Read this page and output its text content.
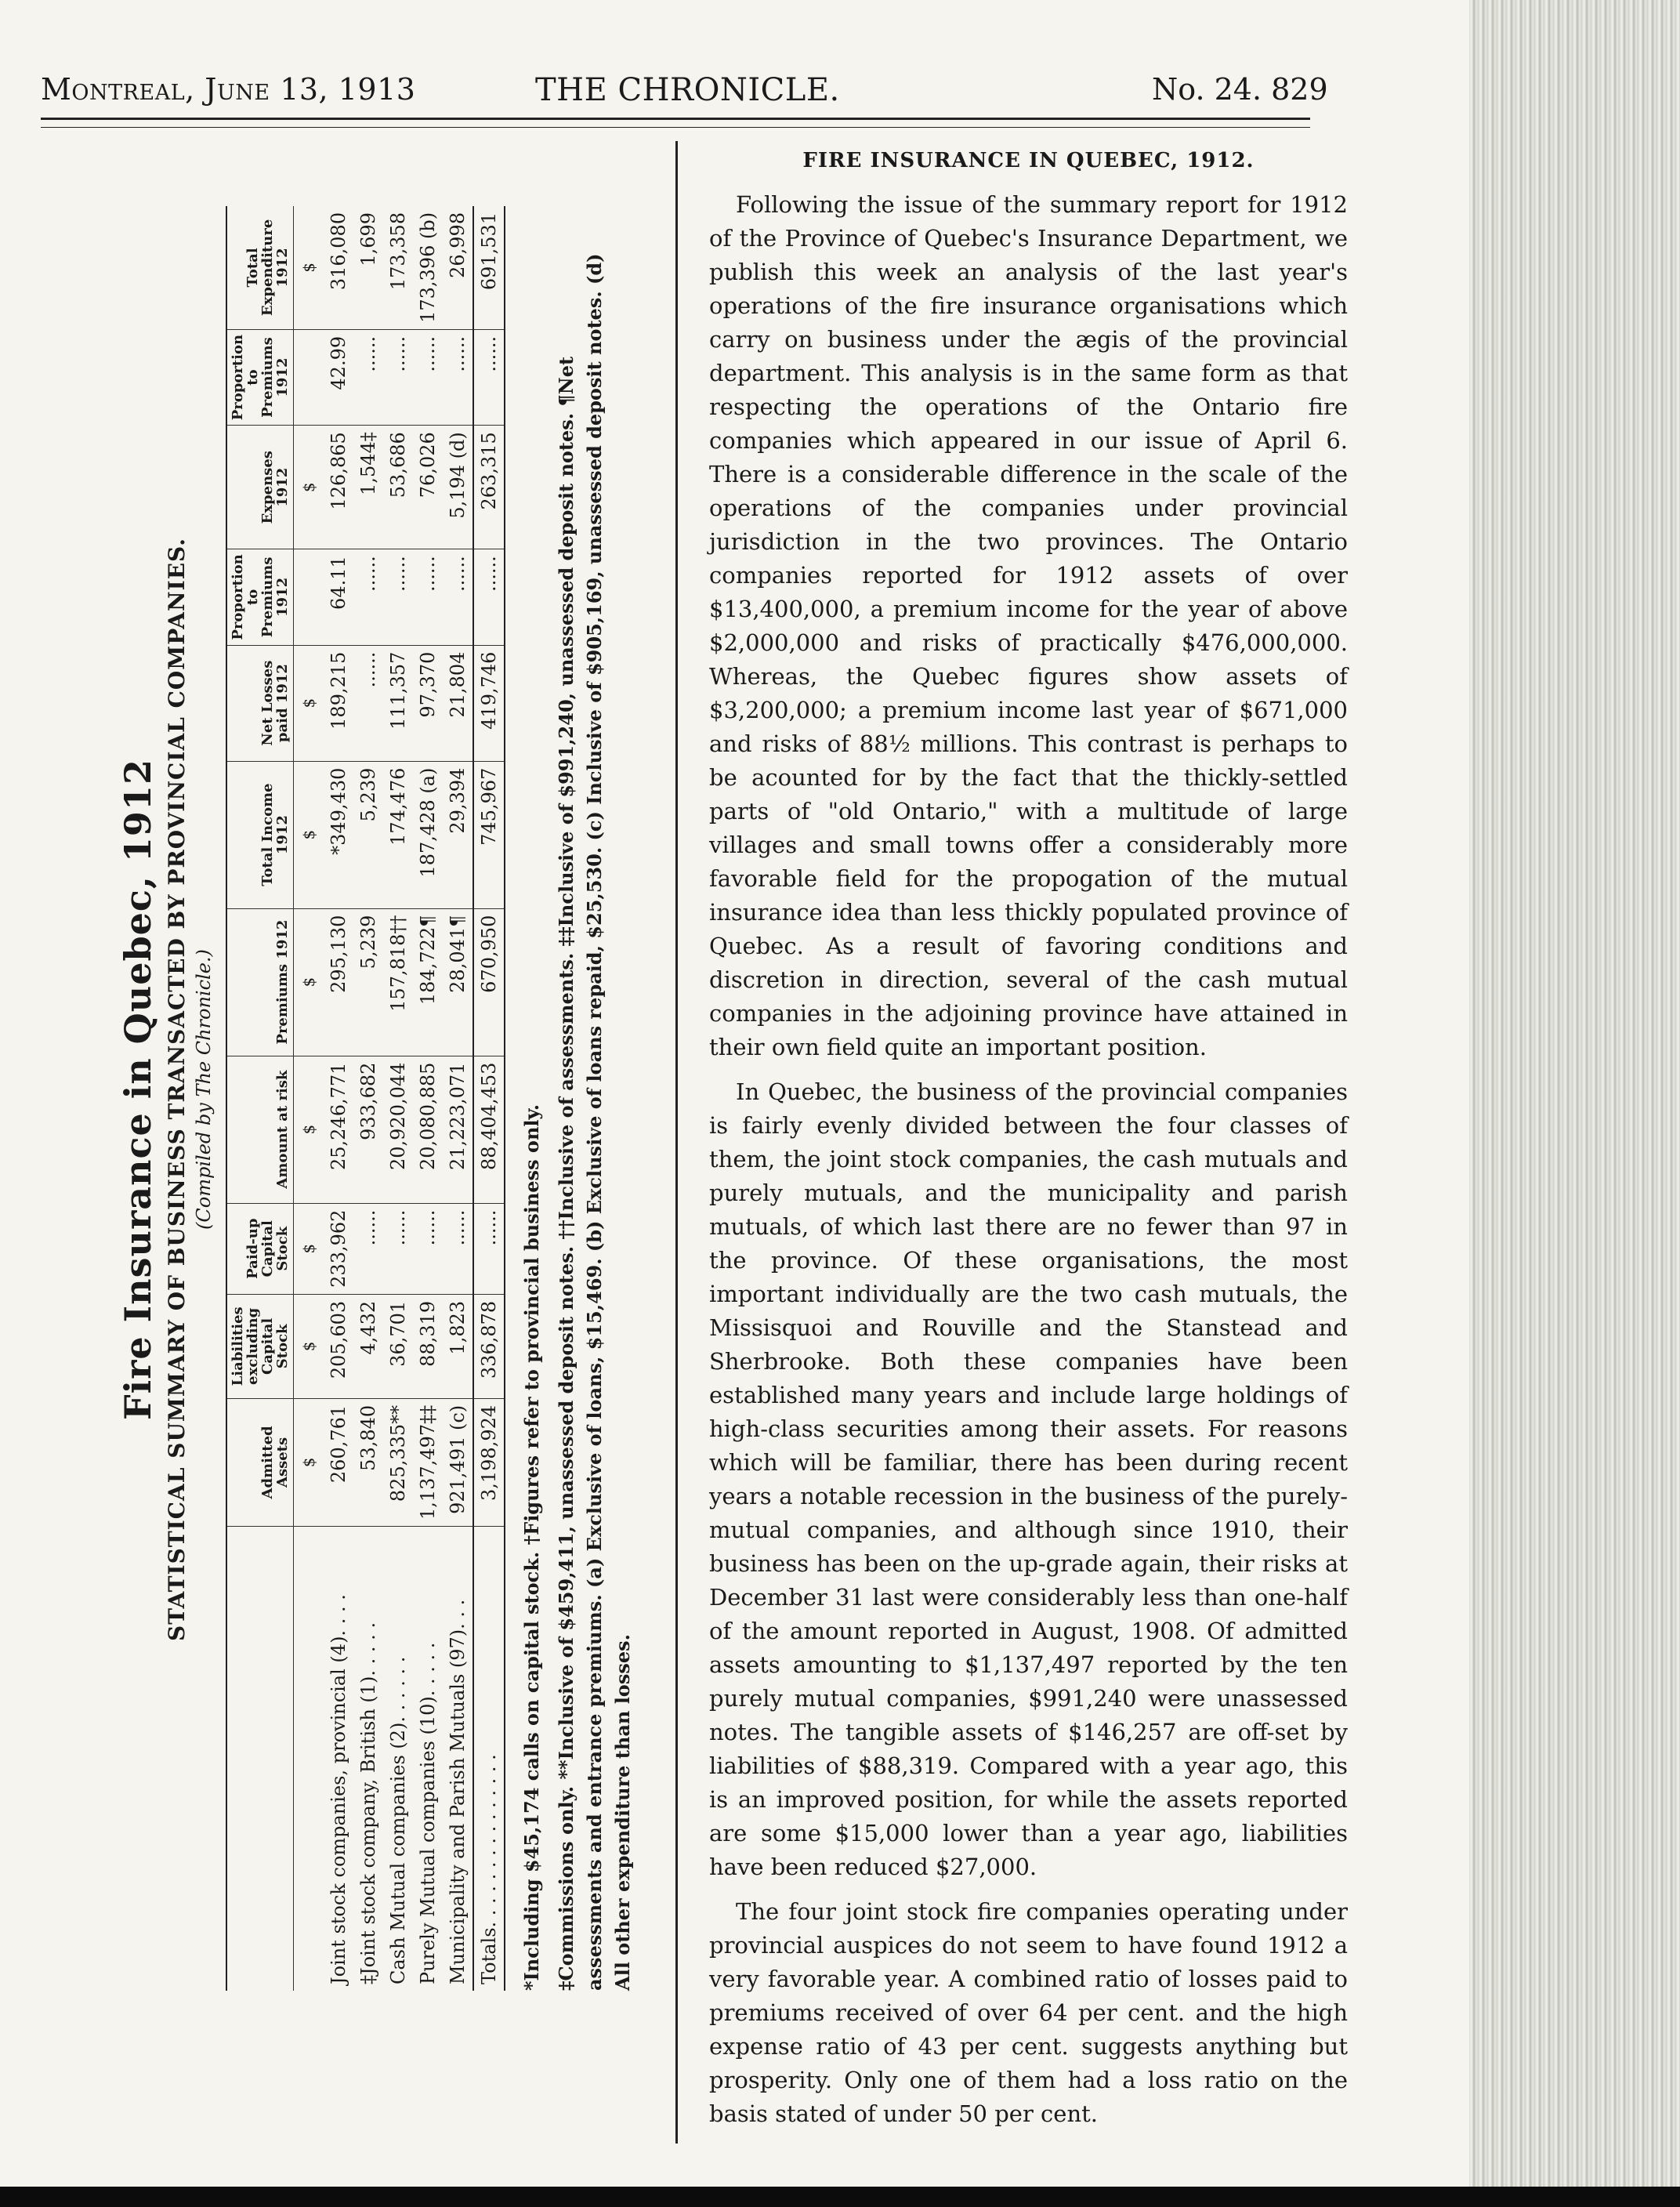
Montreal, June 13, 1913	THE CHRONICLE.	No. 24. 829
Fire Insurance in Quebec, 1912 STATISTICAL SUMMARY OF BUSINESS TRANSACTED BY PROVINCIAL COMPANIES. (Compiled by The Chronicle.)
	Admitted Assets	Liabilities excluding Capital Stock	Paid-up Capital Stock	Amount at risk	Premiums 1912	Total Income 1912	Net Losses paid 1912	Proportion to Premiums 1912	Expenses 1912	Proportion to Premiums 1912	Total Expenditure 1912
	$	$	$	$	$	$	$		$		$
Joint stock companies, provincial (4). . . .	260,761	205,603	233,962	25,246,771	295,130	*349,430	189,215	64.11	126,865	42.99	316,080
‡Joint stock company, British (1). . . . .	53,840	4,432	......	933,682	5,239	5,239	......	......	1,544‡	......	1,699
Cash Mutual companies (2). . . . . .	825,335**	36,701	......	20,920,044	157,818††	174,476	111,357	......	53,686	......	173,358
Purely Mutual companies (10). . . . .	1,137,497‡‡	88,319	......	20,080,885	184,722¶	187,428 (a)	97,370	......	76,026	......	173,396 (b)
Municipality and Parish Mutuals (97). . .	921,491 (c)	1,823	......	21,223,071	28,041¶	29,394	21,804	......	5,194 (d)	......	26,998
Totals. . . . . . . . . . . . . . .	3,198,924	336,878	......	88,404,453	670,950	745,967	419,746	......	263,315	......	691,531

*Including $45,174 calls on capital stock. †Figures refer to provincial business only. ‡Commissions only. **Inclusive of $459,411, unassessed deposit notes. ††Inclusive of assessments. ‡‡Inclusive of $991,240, unassessed deposit notes. ¶Net assessments and entrance premiums. (a) Exclusive of loans, $15,469. (b) Exclusive of loans repaid, $25,530. (c) Inclusive of $905,169, unassessed deposit notes. (d) All other expenditure than losses.

FIRE INSURANCE IN QUEBEC, 1912.

Following the issue of the summary report for 1912 of the Province of Quebec's Insurance Department, we publish this week an analysis of the last year's operations of the fire insurance organisations which carry on business under the ægis of the provincial department. This analysis is in the same form as that respecting the operations of the Ontario fire companies which appeared in our issue of April 6. There is a considerable difference in the scale of the operations of the companies under provincial jurisdiction in the two provinces. The Ontario companies reported for 1912 assets of over $13,400,000, a premium income for the year of above $2,000,000 and risks of practically $476,000,000. Whereas, the Quebec figures show assets of $3,200,000; a premium income last year of $671,000 and risks of 88½ millions. This contrast is perhaps to be acounted for by the fact that the thickly-settled parts of "old Ontario," with a multitude of large villages and small towns offer a considerably more favorable field for the propogation of the mutual insurance idea than less thickly populated province of Quebec. As a result of favoring conditions and discretion in direction, several of the cash mutual companies in the adjoining province have attained in their own field quite an important position.

In Quebec, the business of the provincial companies is fairly evenly divided between the four classes of them, the joint stock companies, the cash mutuals and purely mutuals, and the municipality and parish mutuals, of which last there are no fewer than 97 in the province. Of these organisations, the most important individually are the two cash mutuals, the Missisquoi and Rouville and the Stanstead and Sherbrooke. Both these companies have been established many years and include large holdings of high-class securities among their assets. For reasons which will be familiar, there has been during recent years a notable recession in the business of the purely-mutual companies, and although since 1910, their business has been on the up-grade again, their risks at December 31 last were considerably less than one-half of the amount reported in August, 1908. Of admitted assets amounting to $1,137,497 reported by the ten purely mutual companies, $991,240 were unassessed notes. The tangible assets of $146,257 are off-set by liabilities of $88,319. Compared with a year ago, this is an improved position, for while the assets reported are some $15,000 lower than a year ago, liabilities have been reduced $27,000.

The four joint stock fire companies operating under provincial auspices do not seem to have found 1912 a very favorable year. A combined ratio of losses paid to premiums received of over 64 per cent. and the high expense ratio of 43 per cent. suggests anything but prosperity. Only one of them had a loss ratio on the basis stated of under 50 per cent.
